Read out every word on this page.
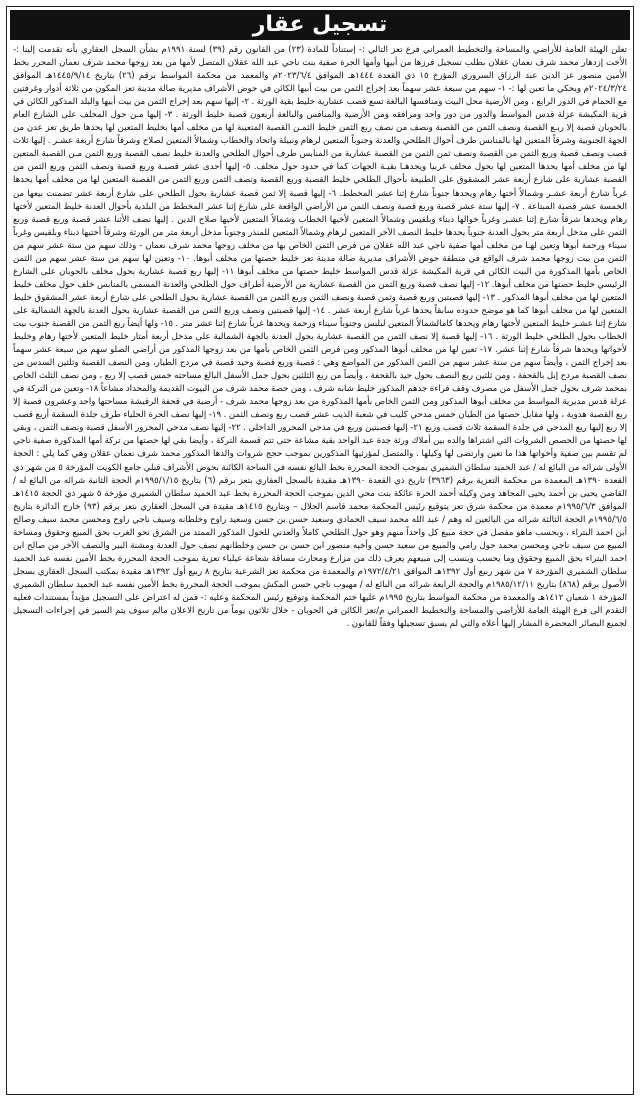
تسجيل عقار

تعلن الهيئة العامة للأراضي والمساحة والتخطيط العمراني فرع تعز التالي :- إستناداً للمادة (٢٣) من القانون رقم (٣٩) لسنة ١٩٩١م بشأن السجل العقاري بأنه تقدمت إلينا :- الأخت إزدهار محمد شرف نعمان عقلان بطلب تسجيل فرزها من أبيها وأمها الحرة صفية بنت ناجي عبد الله عقلان المتصل لأمها من بعد زوجها محمد شرف نعمان المحرر بخط الأمين منصور عز الدين عبد الرزاق السروري المؤرخ ١٥ ذي القعدة ١٤٤٤هـ الموافق ٢٠٢٣/٦/٤م والمعمد من محكمة المواسط برقم (٢٦) بتاريخ ١٤٤٥/٩/١٤هـ الموافق ٢٠٢٤/٣/٢٤م ويحكي ما تعين لها :- ١- سهم من سبعة عشر سهماً بعد إخراج الثمن من بيت أبيها الكائن في حوض الأشراف مديرية صالة مدينة تعز المكون من ثلاثة أدوار وغرفتين مع الحمام في الدور الرابع ، ومن الأرضية محل البيت ومنافسها البالغة تسع قصب عشارية خليط بقية الورثة . ٢- إليها سهم بعد إخراج الثمن من بيت أبيها والبلد المذكور الكائن في قرية المكيشة عزلة قدس المواسط والدور من دور واحد ومرافقه ومن الأرضية والمنافس والبالغة أربعون قصبة خليط الورثة . ٣-

إليها مـن حول المخلف على الشارع العام بالحوبان قصبة إلا ربـع القصبة ونصف الثمن من القصبة ونصف من نصف ربع الثمن خليط الثمـن القصبة المتعينة لها من مخلف أمها بخليط المتعين لها يحدها طريق تعز عدن من الجهة الجنوبية وشرقاً المتعين لها بالمنابس طرف أحوال الطلحي والعدنة وجنوباً المتعين لرهام ونبيلة واتحاد والخطاب وشمالاً المتعين لصلاح وشرقاً شارع أربعة عشـر . إليها ثلاث قصب ونصف قصبة وربع الثمن من القصبة ونصف ثمن الثمن من القصبة عشارية من المنابس طرف أحوال الطلحي والعدنة خليط نصف القصبة وربع الثمن مـن القصبة المتعين لها من مخلف أمها يحدها المتعين لها بحول مخلف غربيا ويحدهـا بقيـة الجهات كما في حدود حول مخلف. ٥- إليها أحدى عشر قصبـة وربع قصبة ونصف الثمن وربع الثمن من القصبة عشارية على شارع أربعة عشر المشقوق على الطبيعة بأحوال الطلحي خليط القصبة وربع القصبة ونصف الثمن وربع الثمن من القصبة المتعين لها من مخلف أمها يحدها غرباً شارع أربعة عشـر وشمالاً أختها رهام ويحدها جنوباً شارع إثنا عشر المخطط. ٦-

إليها قصبة إلا ثمن قصبة عشارية بحول الطلحي على شارع أربعة عشر تضمنت بيعها من الخمسة عشر قصبة المبتاعة . ٧- إليها ستة عشر قصبة وربع قصبة ونصف الثمن من الأراضي الواقعة على شارع إثنا عشر المخطط من البلدية بأحوال العدنة خليط المتعين لأختها رهام ويحدها شرقاً شارع إثنا عشـر وغرباً خوالها دبناء وبلقيس وشمالاً المتعين لأخيها الخطاب وشمالاً المتعين لأخيها صلاح الدين . إليها نصف الأثنا عشر قصبة وربع قصبة وربع الثمن على مدخل أربعة متر بحول العدنة جنوباً يحدها خليط النصف الآخر المتعين لرهام وشمالاً المتعين للمنذر وجنوباً مدخل أربعة متر من الورثة وشرقاً أختيها دبناء وبلقيس وغرباً سيناء ورحمة أبوها وتعين لهـا من مخلف أمها صفية ناجي عبد الله عقلان من فرض الثمن الخاص بها من مخلف زوجها محمد شرف نعمان - وذلك سهم من ستة عشر سهم من الثمن من بيت زوجها محمد شرف الواقع في منطقة حوض الأشراف مديرية صالة مدينة تعز خليط حصتها من مخلف أبوها. ١٠- وتعين لها سهم من ستة عشر سهم من الثمن الخاص بأمها المذكورة من البيت الكائن في قرية المكيشة عزلة قدس المواسط خليط حصتها من مخلف أبوها ١١- إليها ربع قصبة عشارية بحول مخلف بالحوبان على الشارع الرئيسي خليط حصتها من مخلف أبوها. ١٢- إليها نصف قصبة وربع الثمن من القصبة عشارية من الأرضية أطراف حول الطلحي والعدنة المسمى بالمنابس خلف حول مخلف خليط المتعين لها من مخلف أبوها المذكور . ١٣- إليها قصبتين وربع قصبة وثمن قصبة ونصف الثمن وربع الثمن من القصبة عشارية بحول الطلحي على شارع أربعة عشر المشقوق خليط المتعين لها من مخلف أبوها كما هو موضح حدوده سابقاً يحدها غرباً شارع أربعة عشر . ١٤- إليها قصبتين ونصف وربع الثمن من القصبة عشارية بحول العدنة بالجهة الشمالية على شارع إثنا عشـر خليط المتعين لأختها رهام ويحدها كامالشمالاً المتعين لبلبس وجنوباً سيناء ورحمة ويحدها غرباً شارع إثنا عشر متر . ١٥- ولها أيضاً ربع الثمن من القصبة جنوب بيت الخطاب بحول الطلحي خليط الورثة . ١٦- إليها قصبة إلا نصف الثمن من القصبة عشارية بحول العدنة بالجهة الشمالية على مدخل أربعة أمتار خليط المتعين لأختها رهام وخليط لأخواتها ويحدها شرقاً شارع إثنا عشر. ١٧- تعين لها من مخلف أبوها المذكور ومن فرض الثمن الخاص بأمها من بعد زوجها المذكور من أراضي الصلو سهم من سبعة عشر سهماً بعد إخراج الثمن ، وأيضاً سهم من ستة عشر سهم من الثمن المذكور من المواضع وهي : قصبة وربع قصبة وحيد قصبة في مردح الطيار، ومن النصف القصبة وثلثين السدس من نصف القصبة مردح إبل بالقحفة ، ومن ثلثين ربع النصف بحول حيد بالقحفة ، وأيضاً من ربع الثلثين بحول جمل الأسفل البالغ مساحته خمس قصب إلا ربع ، ومن نصف الثلث الخاص بمحمد شرف بحول جمل الأسفل من مصرف وقف قراءة جدهم المذكور خليط شابه شرف ، ومن حصة محمد شرف من البيوت القديمة والمحداد مشاعاً ١٨- وتعين من التركة في عزلة قدس مديرية المواسط من مخلف أبوها المذكور ومن الثمن الخاص بأمها المذكورة من بعد زوجها محمد شرف - أرضية في قحفة الرقيشة مساحتها واحد وعشرون قصبة إلا ربع القصبة هدوية ، ولها مقابل حصتها من الطيان خمس مدحي كليب في شعبة الذيب عشر قصب ربع ونصف الثمن . ١٩- إليها نصف الحرة الحلياء طرف جلدة السقمة أربع قصب إلا ربع إليها ربع المدحي في جلدة السقمة ثلاث قصب وربع ٢١- إليها قصبتين وربع في مدحي المحرور الداخلي . ٢٢- إليها نصف مدحي المحرور الأسفل قصبة ونصف الثمن ، وبقي لها حصتها من الحصص الشروات التي اشتراها والده بين أملاك ورثة جدة عبد الواحد بقية مشاعة حتى تتم قسمة التركة ، وأيضا بقي لها حصتها من تركة أمها المذكورة صفية ناجي لم تقسم بين صفية وأخواتها هذا ما تعين وارتضى لها وكيلها . والمتصل لمؤرثيها المذكورين بموجب حجج شروات والدها المذكور محمد شرف نعمان عقلان وهي كما يلي : الحجة الأولى شرائه من البائع له / عبد الحميد سلطان الشميري بموجب الحجة المحررة بخط البائع نفسه في الساحة الكائنة بحوض الأشراف قبلي جامع الكويت المؤرخة ٥ من شهر ذي القعدة ١٣٩٠هـ المعمدة من محكمة التعزية برقم (٣٩٦٣) تاريخ ذي القعدة ١٣٩٠هـ مقيدة بالسجل العقاري بتعز برقم (٦) بتاريخ ١٩٩٥/١/١٥م الحجة الثانية شرائه من البائع له / القاضي يحيى بن أحمد يحيى المجاهد ومن وكيله أحمد الحرة عائكة بنت محي الدين بموجب الحجة المحررة بخط عبد الحميد سلطان الشميري مؤرخة ٥ شهر ذي الحجة ١٤١٥هـ الموافق ١٩٩٥/٦/٣م معمدة من محكمة شرق تعز بتوقيع رئيس المحكمة محمد قاسم الجلال – وبتاريخ ١٤١٥هـ مقيدة في السجل العقاري بتعز برقم (٩٣) خارج الدائرة بتاريخ ١٩٩٥/٦/٥م الحجة الثالثة شرائه من البائعين له وهم / عبد الله محمد سيف الحمادي وسعيد حسن بن حسن وسعيد راوح وخلطانه وسيف ناجي راوح ومحسن محمد سيف وصالح أبن احمد البتراء ، وبحسب ماهو مفصل في حجة مبيع كل واحداً منهم وهو حول الطلحي كاملاً والعدني للحول المذكور الممتد من الشرق نحو الغرب بحق المبيع وحقوق ومساحة المبيع من سيف ناجي ومحسن محمد حول رامي والمبيع من سعيد حسن وأخيه منصور ابن حسن بن حسن وخلطانهم نصف حول العدنة ومشنة البير والنصف الآخر من صالح ابن احمد البتراء بحق المبيع وحقوق وما يحسب وينسب إلى مبيعهم يعرف ذلك من مزارع ومحارث مساقة شعاعة عيلباء تعزية بموجب الحجة المحررة بخط الأمين نفسه عبد الحميد سلطان الشميري المؤرخة ٧ من شهر ربيع أول ١٣٩٢هـ الموافق ١٩٧٢/٤/٢١م والمعمدة من محكمة تعز الشرعية بتاريخ ٨ ربيع أول ١٣٩٢هـ مقيدة بمكتب السجل العقاري بسجل الأصول برقم (٨٦٨) بتاريخ ١٩٨٥/١٢/١١م والحجة الرابعة شرائه من البائع له / مهيوب ناجي حسن المكش بموجب الحجة المحررة بخط الأمين نفسه عبد الحميد سلطان الشميري المؤرخة ١ شعبان ١٤١٢هـ والمعمدة من محكمة المواسط بتاريخ ١٩٩٥م عليها ختم المحكمة وتوقيع رئيس المحكمة وعليه :- فمن له اعتراض على التسجيل مؤيداً بمستندات فعليه التقدم الى فرع الهيئة العامة للأراضي والمساحة والتخطيط العمراني م/تعز الكائن في الحوبان - خلال ثلاثون يوماً من تاريخ الاعلان مالم سوف يتم السير في إجراءات التسجيل لجميع البصائر المحضرة المشار إليها أعلاه والتي لم يسبق تسجيلها وفقاً للقانون .
